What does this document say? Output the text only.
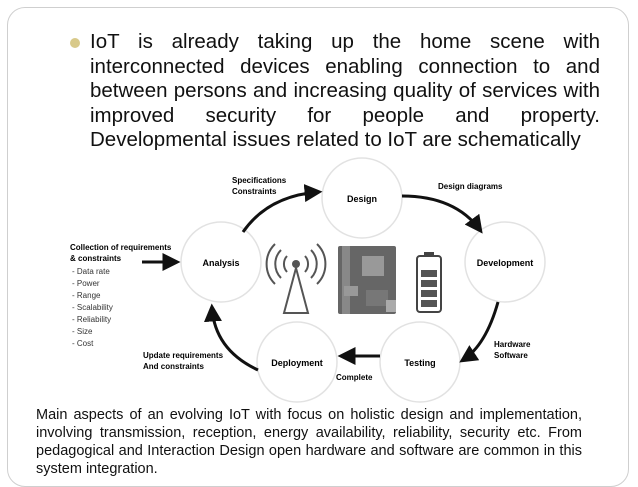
IoT is already taking up the home scene with interconnected devices enabling connection to and between persons and increasing quality of services with improved security for people and property. Developmental issues related to IoT are schematically
Design
Development
Testing
Deployment
Analysis
Specifications
Constraints
Design diagrams
Hardware
Software
Complete
Update requirements
And constraints
Collection of requirements
& constraints
- Data rate
- Power
- Range
- Scalability
- Reliability
- Size
- Cost
Main aspects of an evolving IoT with focus on holistic design and implementation, involving transmission, reception, energy availability, reliability, security etc. From pedagogical and Interaction Design open hardware and software are common in this system integration.
